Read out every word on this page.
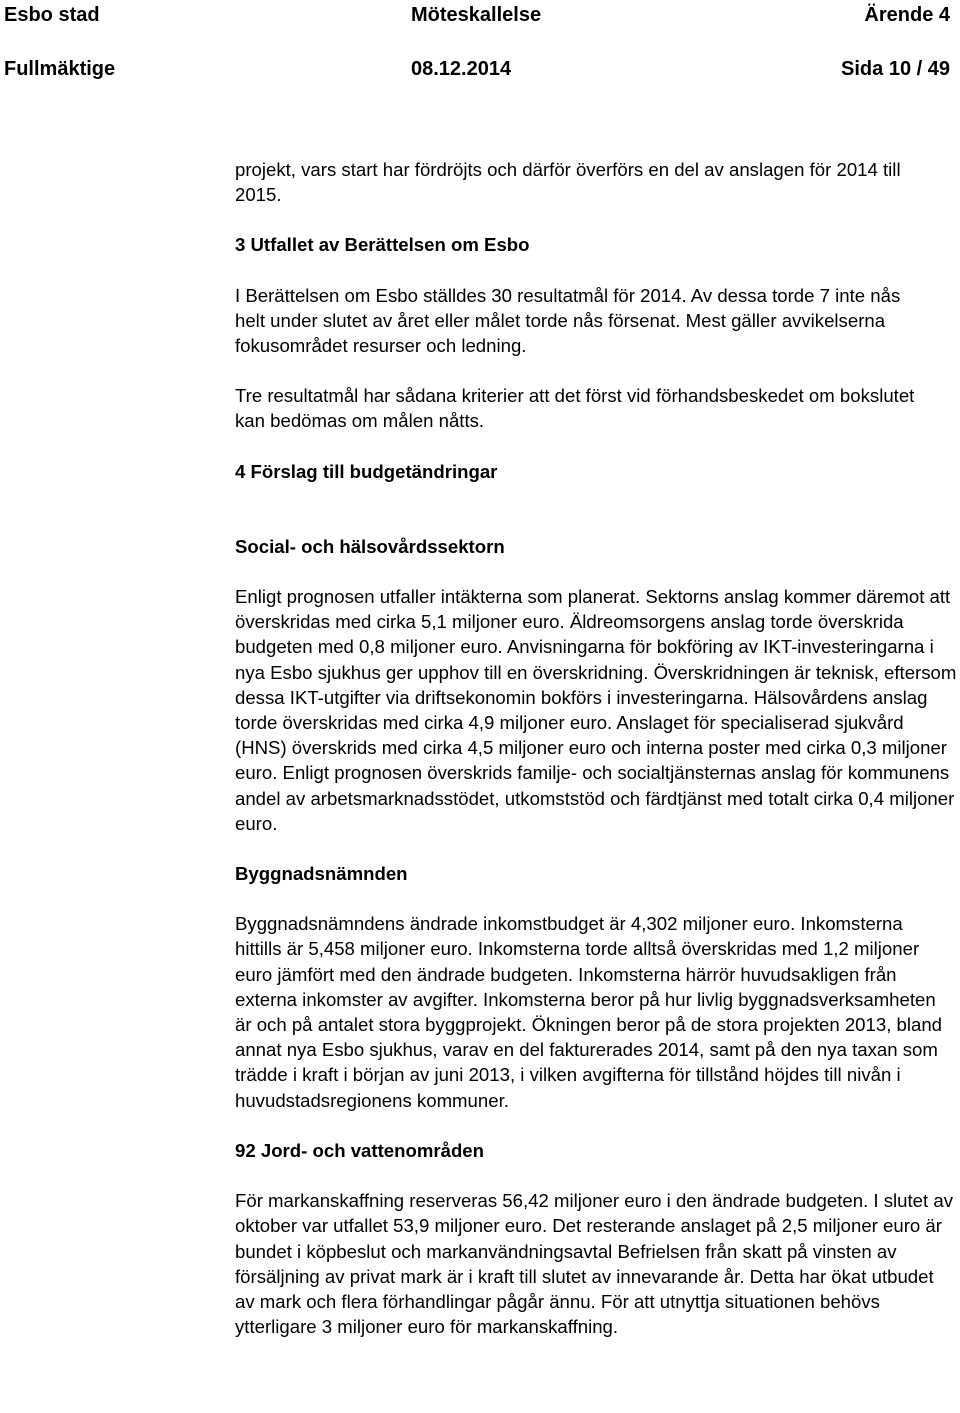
Esbo stad	Möteskallelse	Ärende 4
Fullmäktige	08.12.2014	Sida 10 / 49

projekt, vars start har fördröjts och därför överförs en del av anslagen för 2014 till 2015.

3 Utfallet av Berättelsen om Esbo

I Berättelsen om Esbo ställdes 30 resultatmål för 2014. Av dessa torde 7 inte nås helt under slutet av året eller målet torde nås försenat. Mest gäller avvikelserna fokusområdet resurser och ledning.

Tre resultatmål har sådana kriterier att det först vid förhandsbeskedet om bokslutet kan bedömas om målen nåtts.

4 Förslag till budgetändringar
Social- och hälsovårdssektorn

Enligt prognosen utfaller intäkterna som planerat. Sektorns anslag kommer däremot att överskridas med cirka 5,1 miljoner euro. Äldreomsorgens anslag torde överskrida budgeten med 0,8 miljoner euro. Anvisningarna för bokföring av IKT-investeringarna i nya Esbo sjukhus ger upphov till en överskridning. Överskridningen är teknisk, eftersom dessa IKT-utgifter via driftsekonomin bokförs i investeringarna. Hälsovårdens anslag torde överskridas med cirka 4,9 miljoner euro. Anslaget för specialiserad sjukvård (HNS) överskrids med cirka 4,5 miljoner euro och interna poster med cirka 0,3 miljoner euro. Enligt prognosen överskrids familje- och socialtjänsternas anslag för kommunens andel av arbetsmarknadsstödet, utkomststöd och färdtjänst med totalt cirka 0,4 miljoner euro.

Byggnadsnämnden

Byggnadsnämndens ändrade inkomstbudget är 4,302 miljoner euro. Inkomsterna hittills är 5,458 miljoner euro. Inkomsterna torde alltså överskridas med 1,2 miljoner euro jämfört med den ändrade budgeten. Inkomsterna härrör huvudsakligen från externa inkomster av avgifter. Inkomsterna beror på hur livlig byggnadsverksamheten är och på antalet stora byggprojekt. Ökningen beror på de stora projekten 2013, bland annat nya Esbo sjukhus, varav en del fakturerades 2014, samt på den nya taxan som trädde i kraft i början av juni 2013, i vilken avgifterna för tillstånd höjdes till nivån i huvudstadsregionens kommuner.

92 Jord- och vattenområden

För markanskaffning reserveras 56,42 miljoner euro i den ändrade budgeten. I slutet av oktober var utfallet 53,9 miljoner euro. Det resterande anslaget på 2,5 miljoner euro är bundet i köpbeslut och markanvändningsavtal Befrielsen från skatt på vinsten av försäljning av privat mark är i kraft till slutet av innevarande år. Detta har ökat utbudet av mark och flera förhandlingar pågår ännu. För att utnyttja situationen behövs ytterligare 3 miljoner euro för markanskaffning.
